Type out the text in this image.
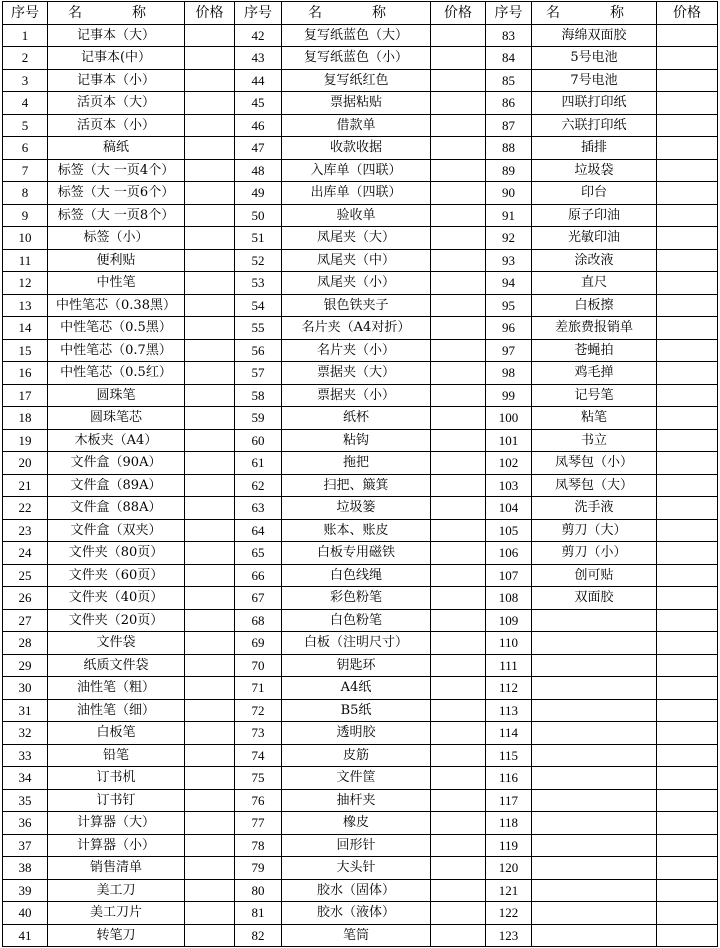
序号	名　称	价格	序号	名　称	价格	序号	名　称	价格
1	记事本（大）		42	复写纸蓝色（大）		83	海绵双面胶	
2	记事本(中）		43	复写纸蓝色（小）		84	5号电池	
3	记事本（小）		44	复写纸红色		85	7号电池	
4	活页本（大）		45	票据粘贴		86	四联打印纸	
5	活页本（小）		46	借款单		87	六联打印纸	
6	稿纸		47	收款收据		88	插排	
7	标签（大 一页4个）		48	入库单（四联）		89	垃圾袋	
8	标签（大 一页6个）		49	出库单（四联）		90	印台	
9	标签（大 一页8个）		50	验收单		91	原子印油	
10	标签（小）		51	凤尾夹（大）		92	光敏印油	
11	便利贴		52	凤尾夹（中）		93	涂改液	
12	中性笔		53	凤尾夹（小）		94	直尺	
13	中性笔芯（0.38黑）		54	银色铁夹子		95	白板擦	
14	中性笔芯（0.5黑）		55	名片夹（A4对折）		96	差旅费报销单	
15	中性笔芯（0.7黑）		56	名片夹（小）		97	苍蝇拍	
16	中性笔芯（0.5红）		57	票据夹（大）		98	鸡毛掸	
17	圆珠笔		58	票据夹（小）		99	记号笔	
18	圆珠笔芯		59	纸杯		100	粘笔	
19	木板夹（A4）		60	粘钩		101	书立	
20	文件盒（90A）		61	拖把		102	凤琴包（小）	
21	文件盒（89A）		62	扫把、簸箕		103	凤琴包（大）	
22	文件盒（88A）		63	垃圾篓		104	洗手液	
23	文件盒（双夹）		64	账本、账皮		105	剪刀（大）	
24	文件夹（80页）		65	白板专用磁铁		106	剪刀（小）	
25	文件夹（60页）		66	白色线绳		107	创可贴	
26	文件夹（40页）		67	彩色粉笔		108	双面胶	
27	文件夹（20页）		68	白色粉笔		109		
28	文件袋		69	白板（注明尺寸）		110		
29	纸质文件袋		70	钥匙环		111		
30	油性笔（粗）		71	A4纸		112		
31	油性笔（细）		72	B5纸		113		
32	白板笔		73	透明胶		114		
33	铅笔		74	皮筋		115		
34	订书机		75	文件筐		116		
35	订书钉		76	抽杆夹		117		
36	计算器（大）		77	橡皮		118		
37	计算器（小）		78	回形针		119		
38	销售清单		79	大头针		120		
39	美工刀		80	胶水（固体）		121		
40	美工刀片		81	胶水（液体）		122		
41	转笔刀		82	笔筒		123		
